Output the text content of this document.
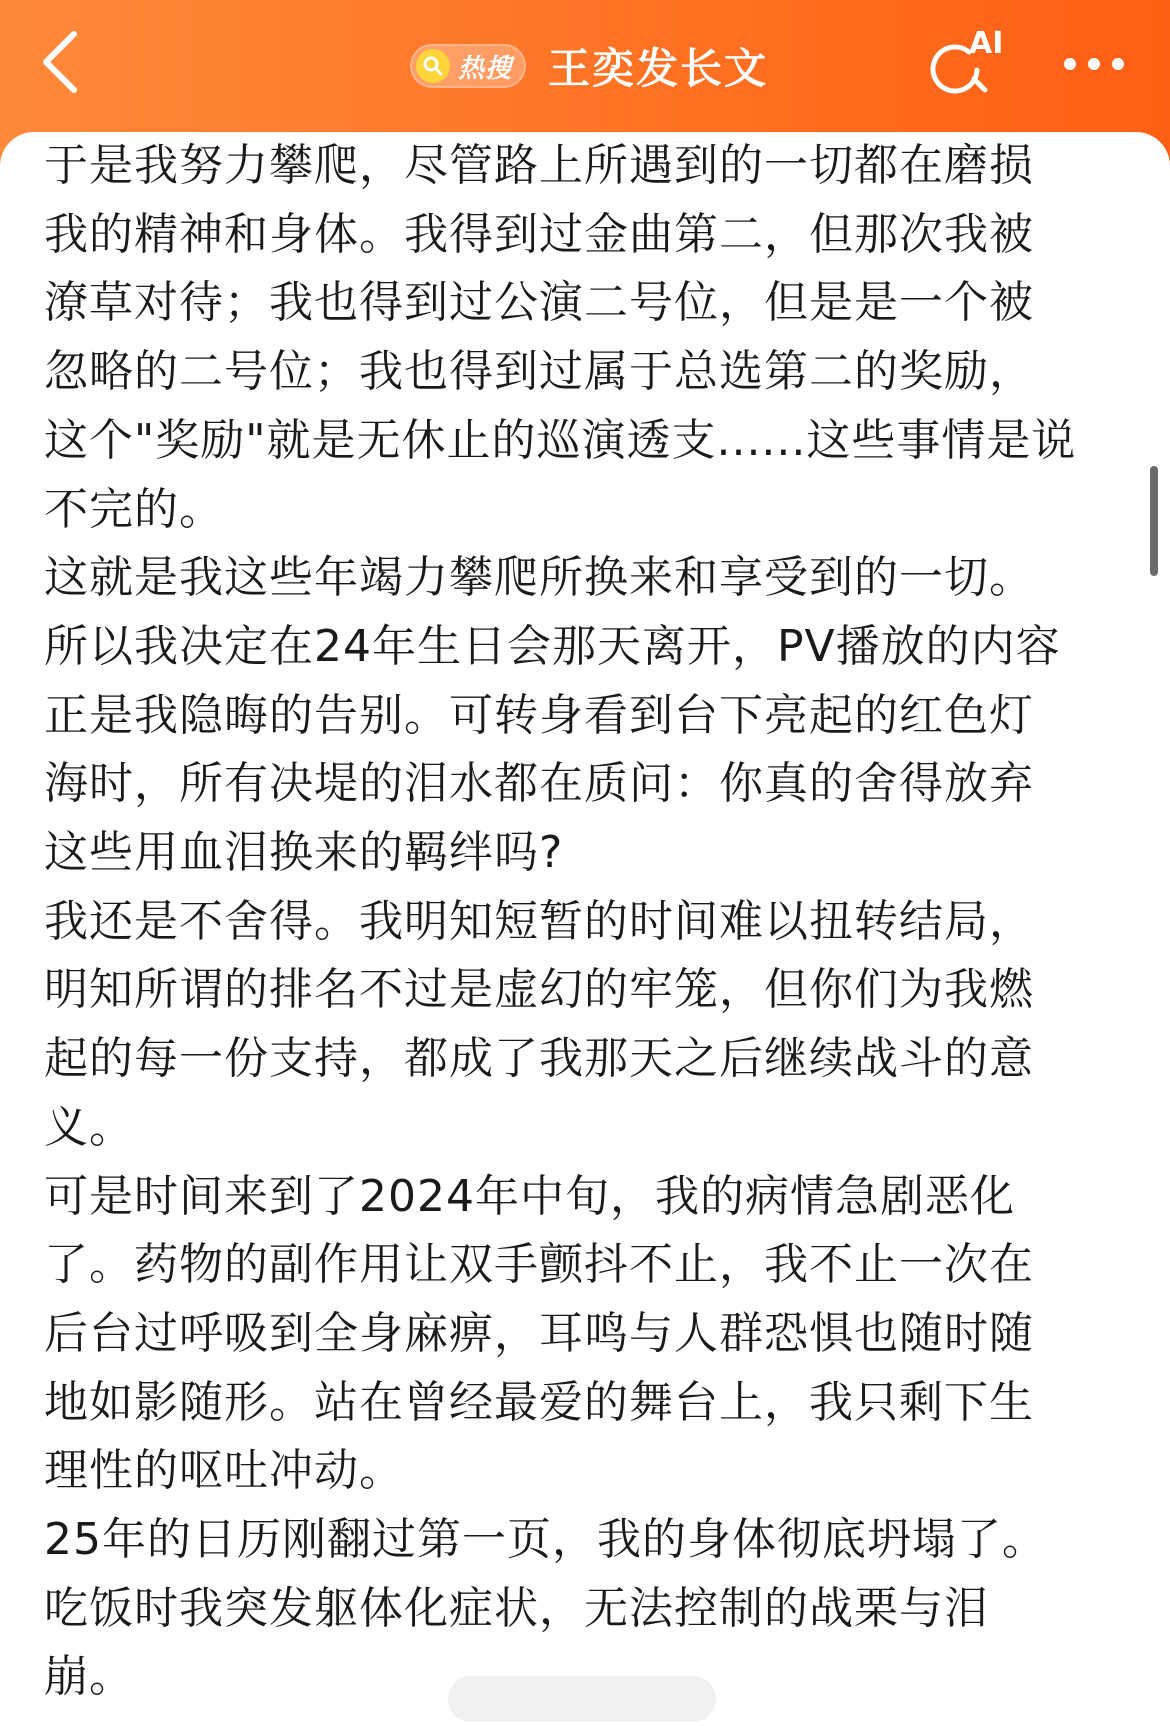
热搜 王奕发长文
AI
于是我努力攀爬，尽管路上所遇到的一切都在磨损
我的精神和身体。我得到过金曲第二，但那次我被
潦草对待；我也得到过公演二号位，但是是一个被
忽略的二号位；我也得到过属于总选第二的奖励，
这个"奖励"就是无休止的巡演透支......这些事情是说
不完的。
这就是我这些年竭力攀爬所换来和享受到的一切。
所以我决定在24年生日会那天离开，PV播放的内容
正是我隐晦的告别。可转身看到台下亮起的红色灯
海时，所有决堤的泪水都在质问：你真的舍得放弃
这些用血泪换来的羁绊吗?
我还是不舍得。我明知短暂的时间难以扭转结局，
明知所谓的排名不过是虚幻的牢笼，但你们为我燃
起的每一份支持，都成了我那天之后继续战斗的意
义。
可是时间来到了2024年中旬，我的病情急剧恶化
了。药物的副作用让双手颤抖不止，我不止一次在
后台过呼吸到全身麻痹，耳鸣与人群恐惧也随时随
地如影随形。站在曾经最爱的舞台上，我只剩下生
理性的呕吐冲动。
25年的日历刚翻过第一页，我的身体彻底坍塌了。
吃饭时我突发躯体化症状，无法控制的战栗与泪
崩。
